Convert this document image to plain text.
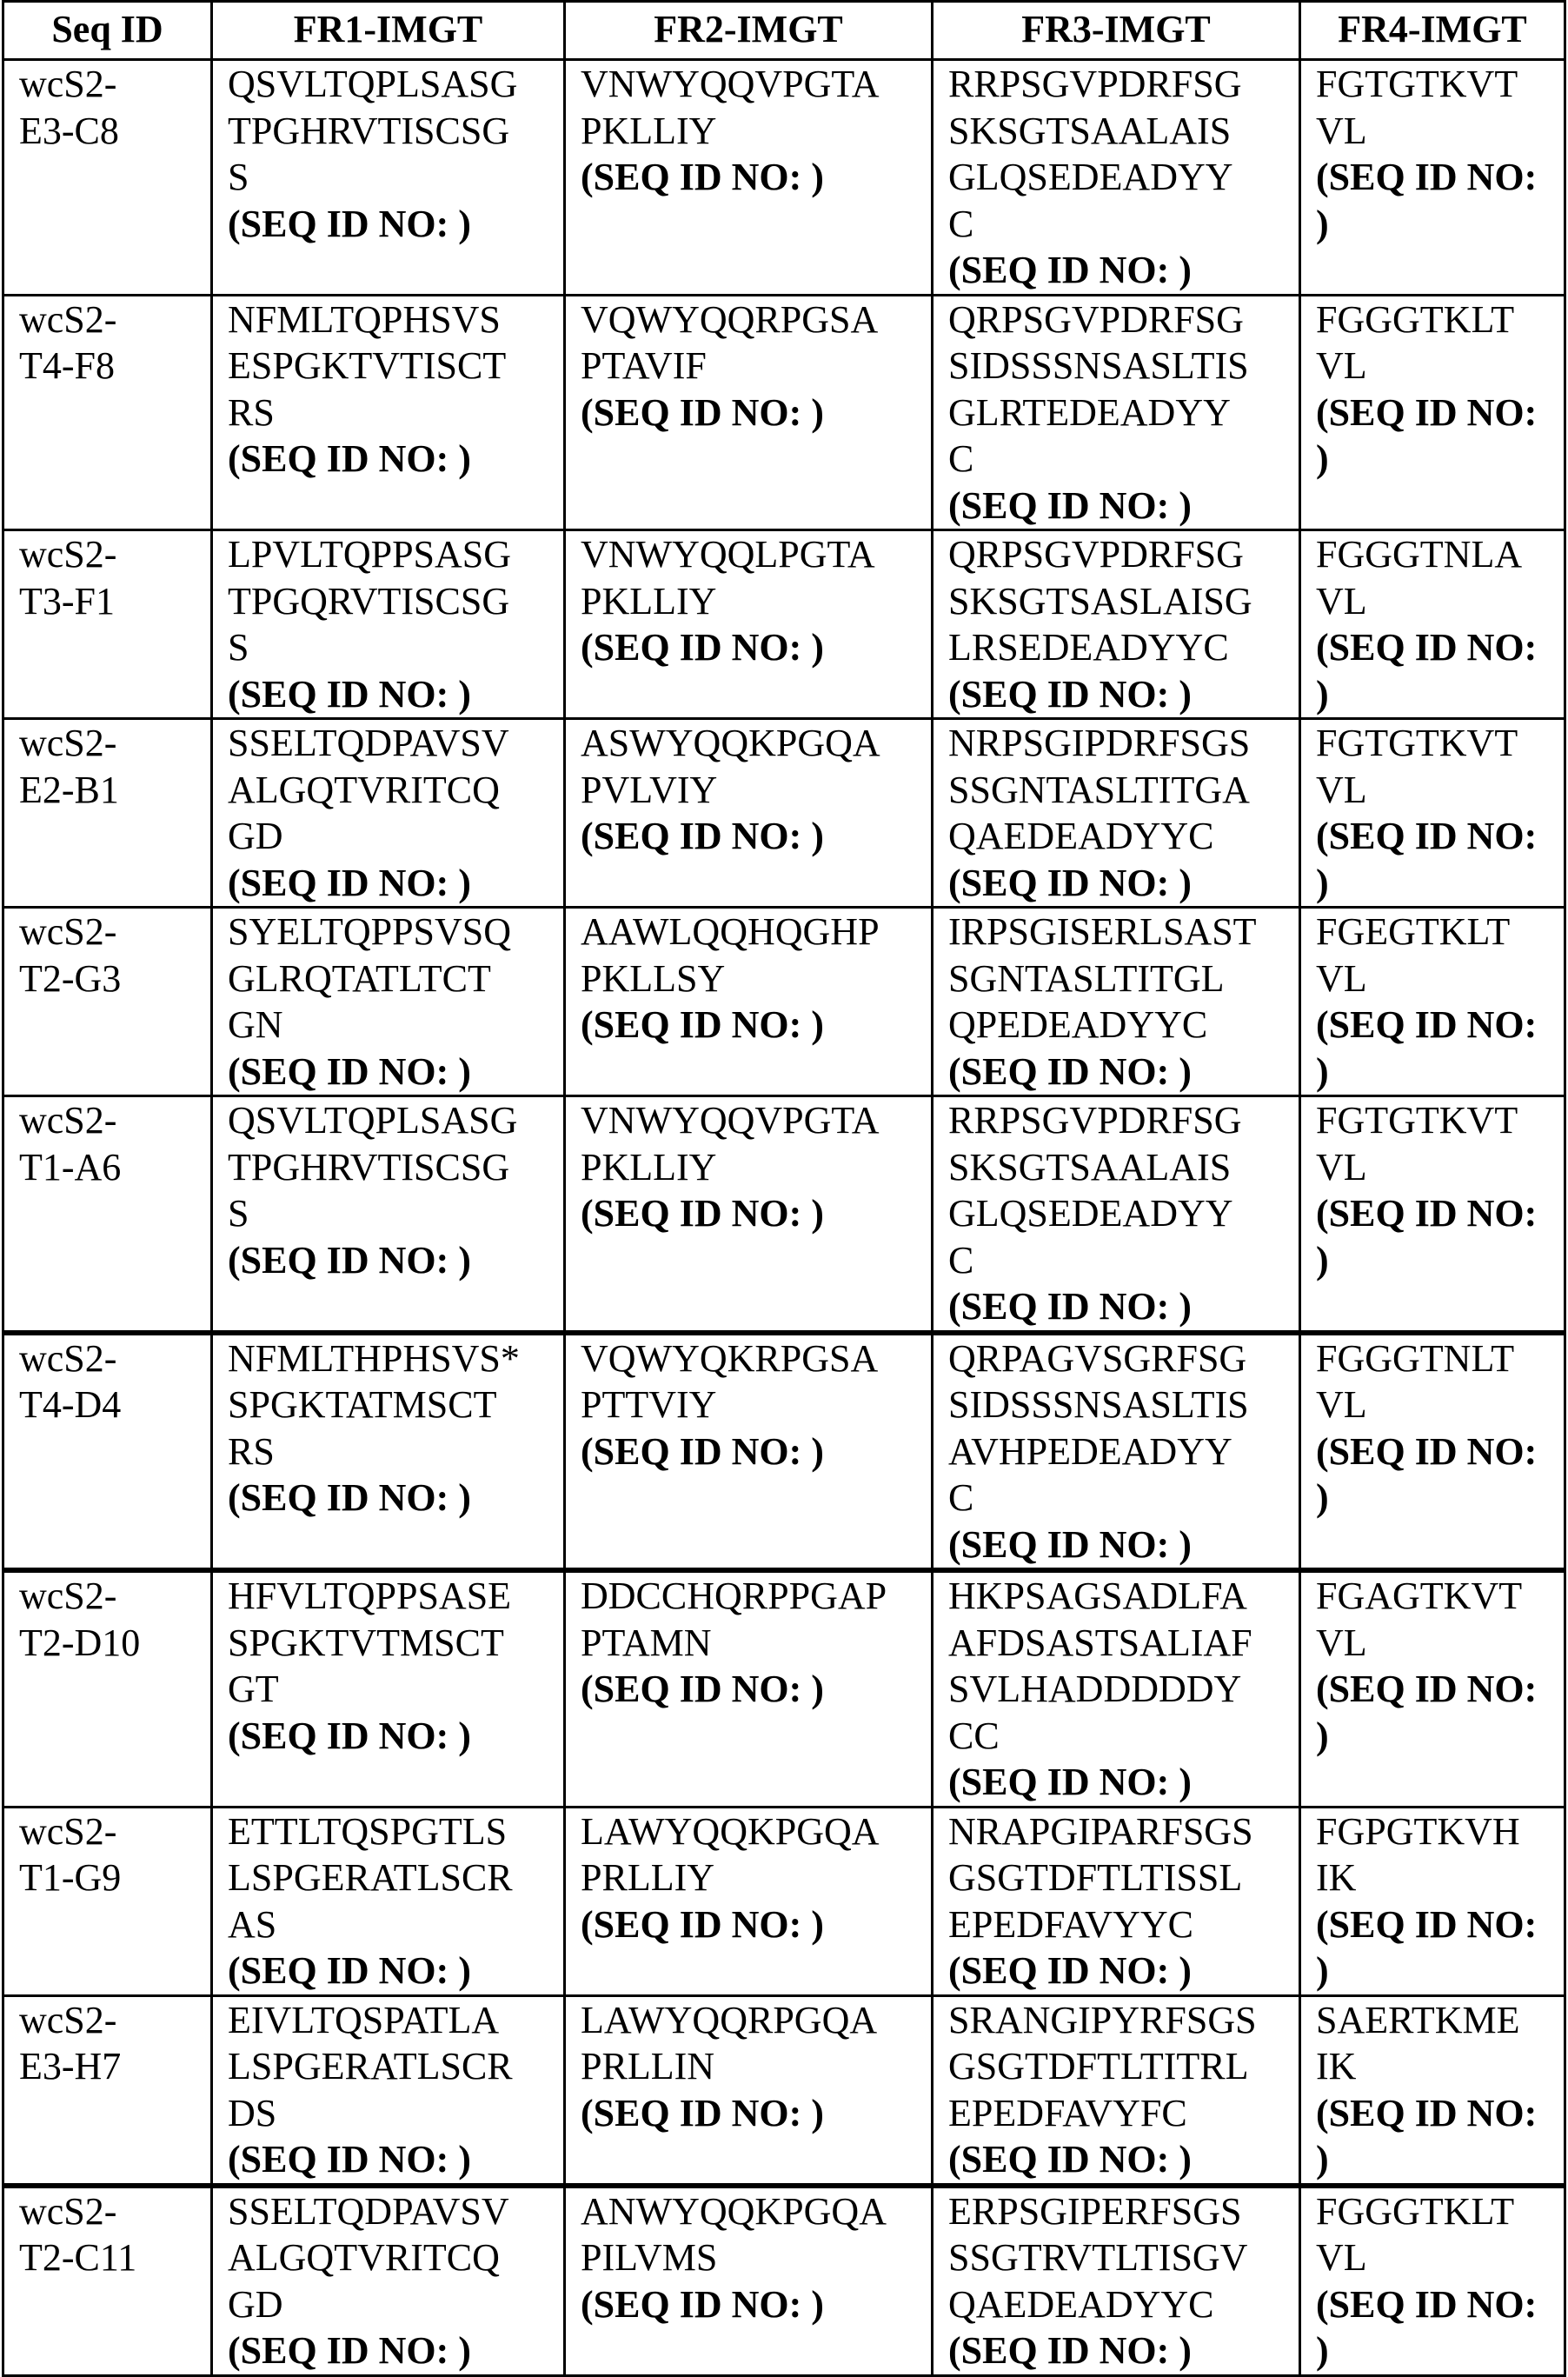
Seq ID	FR1-IMGT	FR2-IMGT	FR3-IMGT	FR4-IMGT

wcS2-
E3-C8

QSVLTQPLSASG
TPGHRVTISCSG
S
(SEQ ID NO: )

VNWYQQVPGTA
PKLLIY
(SEQ ID NO: )

RRPSGVPDRFSG
SKSGTSAALAIS
GLQSEDEADYY
C
(SEQ ID NO: )

FGTGTKVT
VL
(SEQ ID NO:
)

wcS2-
T4-F8

NFMLTQPHSVS
ESPGKTVTISCT
RS
(SEQ ID NO: )

VQWYQQRPGSA
PTAVIF
(SEQ ID NO: )

QRPSGVPDRFSG
SIDSSSNSASLTIS
GLRTEDEADYY
C
(SEQ ID NO: )

FGGGTKLT
VL
(SEQ ID NO:
)

wcS2-
T3-F1

LPVLTQPPSASG
TPGQRVTISCSG
S
(SEQ ID NO: )

VNWYQQLPGTA
PKLLIY
(SEQ ID NO: )

QRPSGVPDRFSG
SKSGTSASLAISG
LRSEDEADYYC
(SEQ ID NO: )

FGGGTNLA
VL
(SEQ ID NO:
)

wcS2-
E2-B1

SSELTQDPAVSV
ALGQTVRITCQ
GD
(SEQ ID NO: )

ASWYQQKPGQA
PVLVIY
(SEQ ID NO: )

NRPSGIPDRFSGS
SSGNTASLTITGA
QAEDEADYYC
(SEQ ID NO: )

FGTGTKVT
VL
(SEQ ID NO:
)

wcS2-
T2-G3

SYELTQPPSVSQ
GLRQTATLTCT
GN
(SEQ ID NO: )

AAWLQQHQGHP
PKLLSY
(SEQ ID NO: )

IRPSGISERLSAST
SGNTASLTITGL
QPEDEADYYC
(SEQ ID NO: )

FGEGTKLT
VL
(SEQ ID NO:
)

wcS2-
T1-A6

QSVLTQPLSASG
TPGHRVTISCSG
S
(SEQ ID NO: )

VNWYQQVPGTA
PKLLIY
(SEQ ID NO: )

RRPSGVPDRFSG
SKSGTSAALAIS
GLQSEDEADYY
C
(SEQ ID NO: )

FGTGTKVT
VL
(SEQ ID NO:
)

wcS2-
T4-D4

NFMLTHPHSVS*
SPGKTATMSCT
RS
(SEQ ID NO: )

VQWYQKRPGSA
PTTVIY
(SEQ ID NO: )

QRPAGVSGRFSG
SIDSSSNSASLTIS
AVHPEDEADYY
C
(SEQ ID NO: )

FGGGTNLT
VL
(SEQ ID NO:
)

wcS2-
T2-D10

HFVLTQPPSASE
SPGKTVTMSCT
GT
(SEQ ID NO: )

DDCCHQRPPGAP
PTAMN
(SEQ ID NO: )

HKPSAGSADLFA
AFDSASTSALIAF
SVLHADDDDDY
CC
(SEQ ID NO: )

FGAGTKVT
VL
(SEQ ID NO:
)

wcS2-
T1-G9

ETTLTQSPGTLS
LSPGERATLSCR
AS
(SEQ ID NO: )

LAWYQQKPGQA
PRLLIY
(SEQ ID NO: )

NRAPGIPARFSGS
GSGTDFTLTISSL
EPEDFAVYYC
(SEQ ID NO: )

FGPGTKVH
IK
(SEQ ID NO:
)

wcS2-
E3-H7

EIVLTQSPATLA
LSPGERATLSCR
DS
(SEQ ID NO: )

LAWYQQRPGQA
PRLLIN
(SEQ ID NO: )

SRANGIPYRFSGS
GSGTDFTLTITRL
EPEDFAVYFC
(SEQ ID NO: )

SAERTKME
IK
(SEQ ID NO:
)

wcS2-
T2-C11

SSELTQDPAVSV
ALGQTVRITCQ
GD
(SEQ ID NO: )

ANWYQQKPGQA
PILVMS
(SEQ ID NO: )

ERPSGIPERFSGS
SSGTRVTLTISGV
QAEDEADYYC
(SEQ ID NO: )

FGGGTKLT
VL
(SEQ ID NO:
)
